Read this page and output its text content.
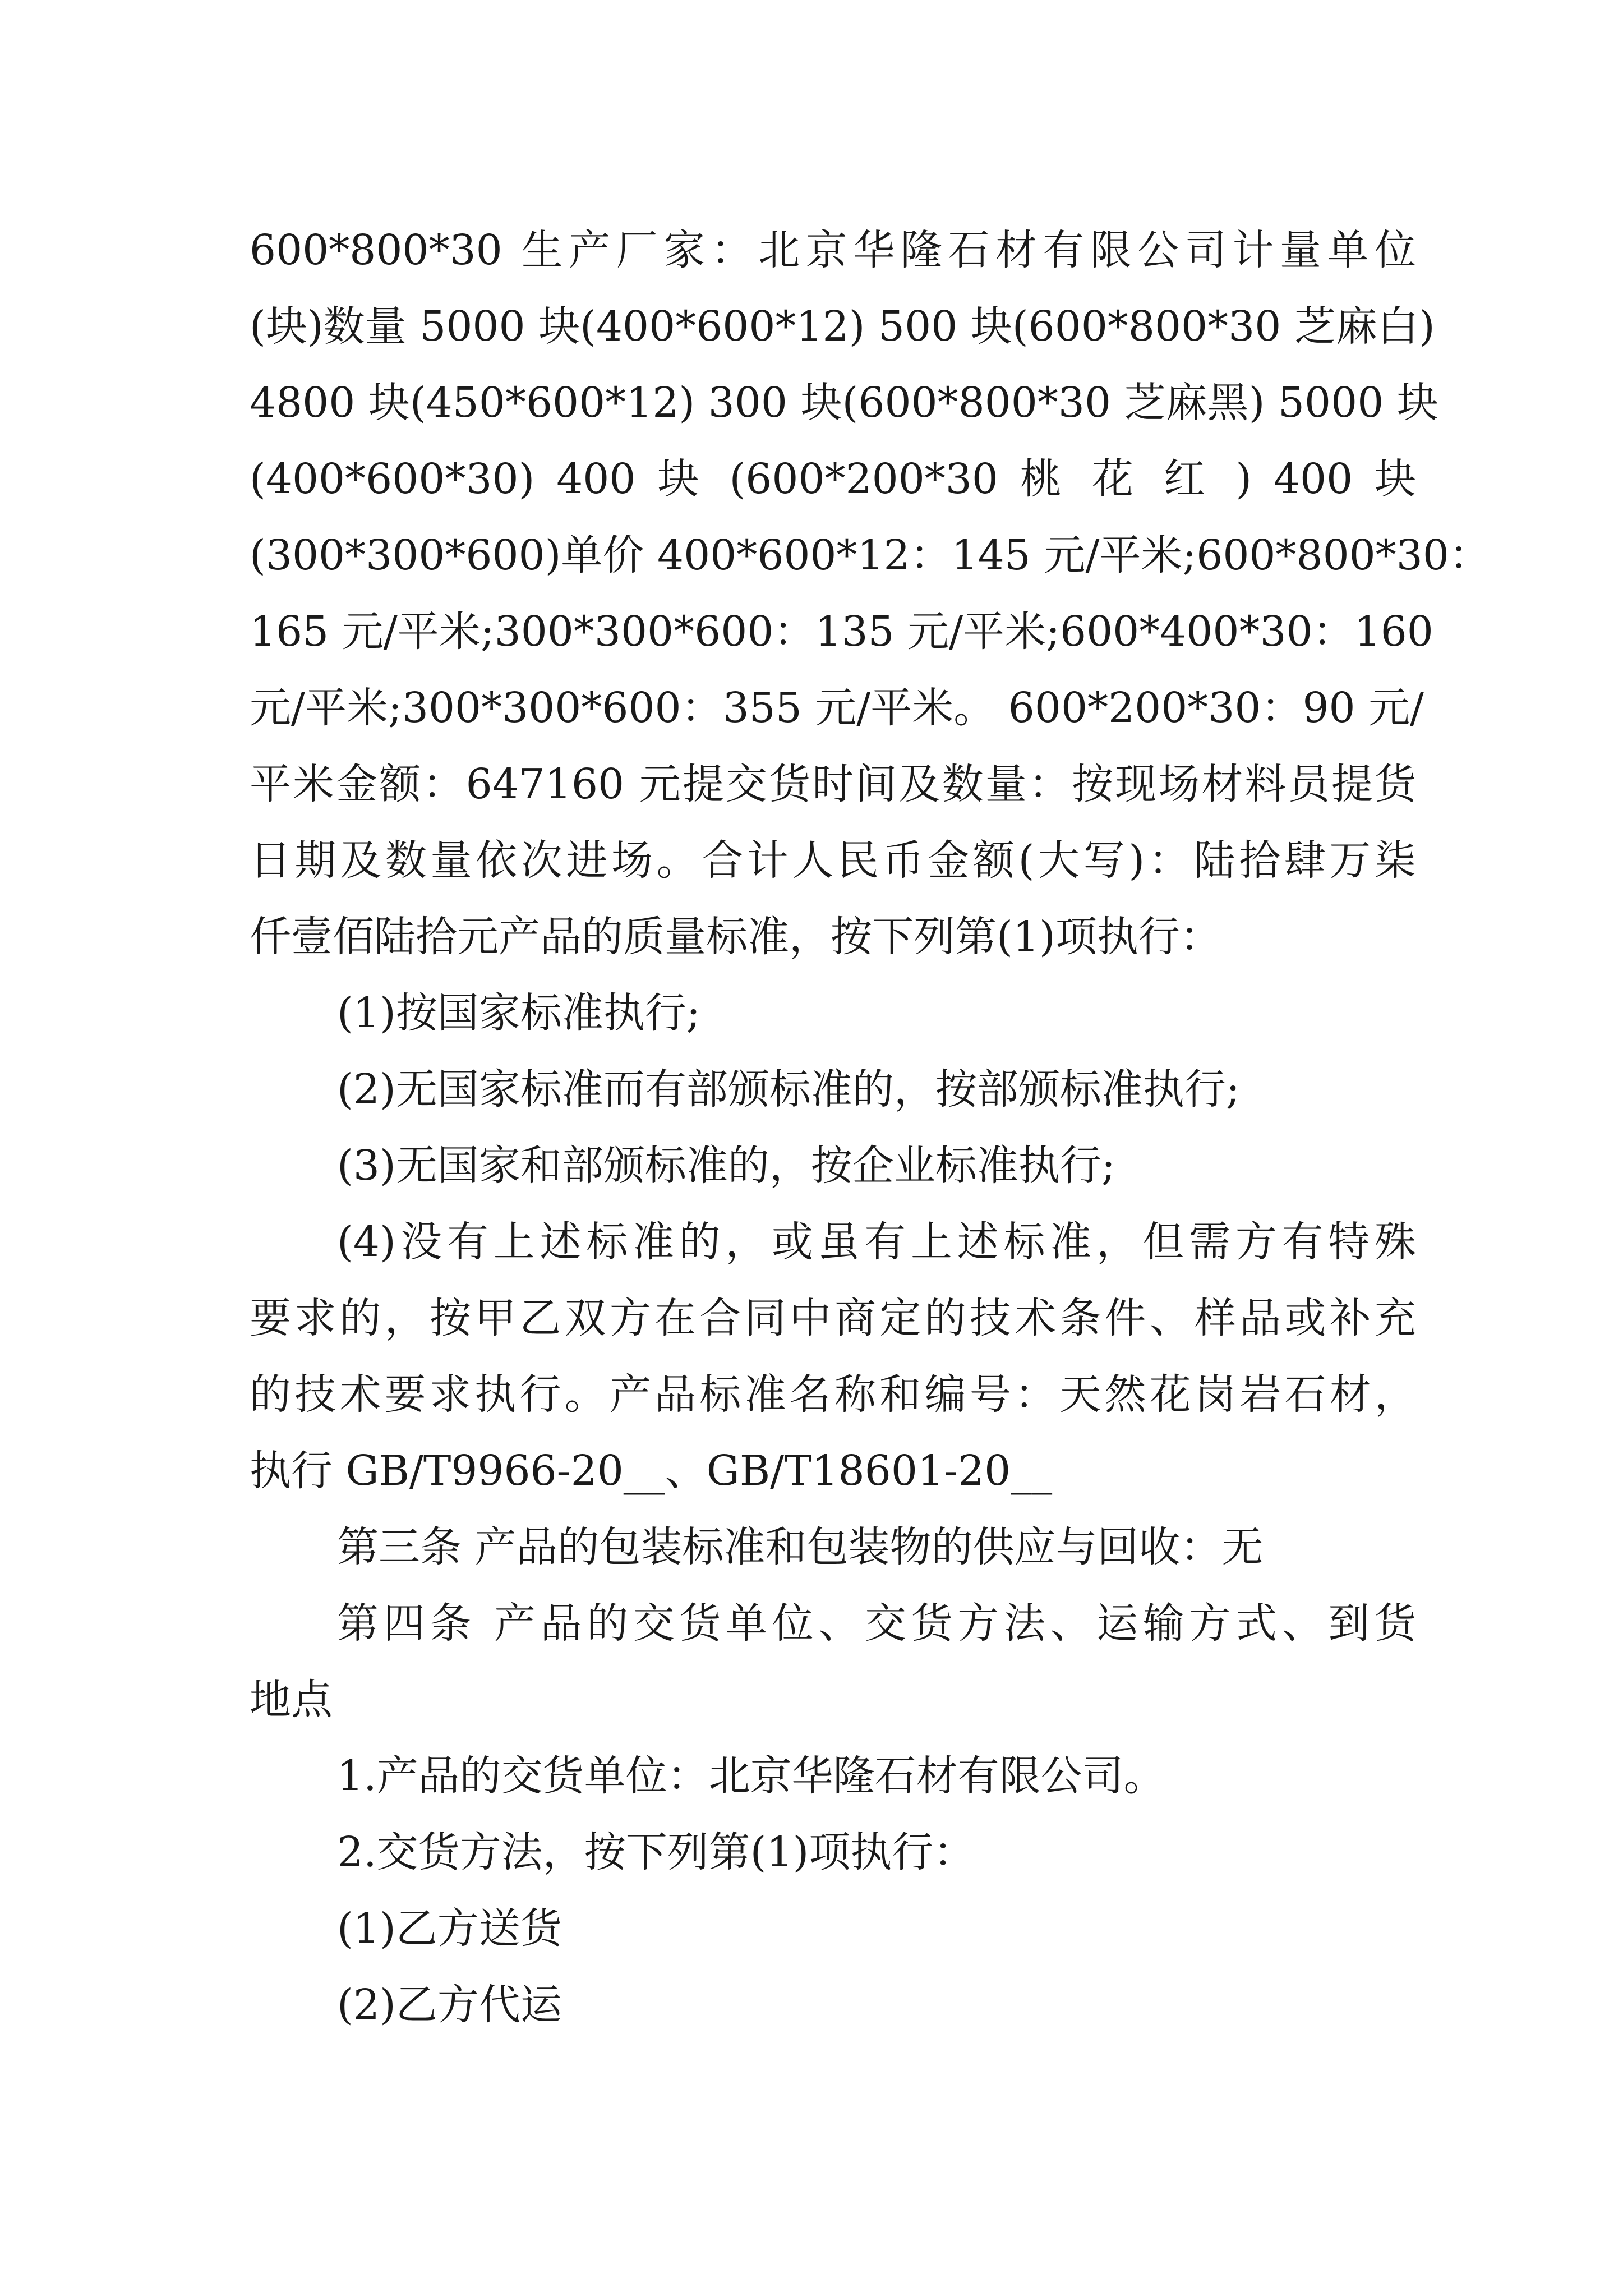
600*800*30 生产厂家：北京华隆石材有限公司计量单位
(块)数量 5000 块(400*600*12) 500 块(600*800*30 芝麻白)
4800 块(450*600*12) 300 块(600*800*30 芝麻黑) 5000 块
(400*600*30) 400 块 (600*200*30 桃 花 红 ) 400 块
(300*300*600)单价 400*600*12：145 元/平米;600*800*30：
165 元/平米;300*300*600：135 元/平米;600*400*30：160
元/平米;300*300*600：355 元/平米。 600*200*30：90 元/
平米金额：647160 元提交货时间及数量：按现场材料员提货
日期及数量依次进场。合计人民币金额(大写)：陆拾肆万柒
仟壹佰陆拾元产品的质量标准，按下列第(1)项执行：
(1)按国家标准执行;
(2)无国家标准而有部颁标准的，按部颁标准执行;
(3)无国家和部颁标准的，按企业标准执行;
(4)没有上述标准的，或虽有上述标准，但需方有特殊
要求的，按甲乙双方在合同中商定的技术条件、样品或补充
的技术要求执行。产品标准名称和编号：天然花岗岩石材，
执行 GB/T9966-20__、GB/T18601-20__
第三条 产品的包装标准和包装物的供应与回收：无
第四条 产品的交货单位、交货方法、运输方式、到货
地点
1.产品的交货单位：北京华隆石材有限公司。
2.交货方法，按下列第(1)项执行：
(1)乙方送货
(2)乙方代运
